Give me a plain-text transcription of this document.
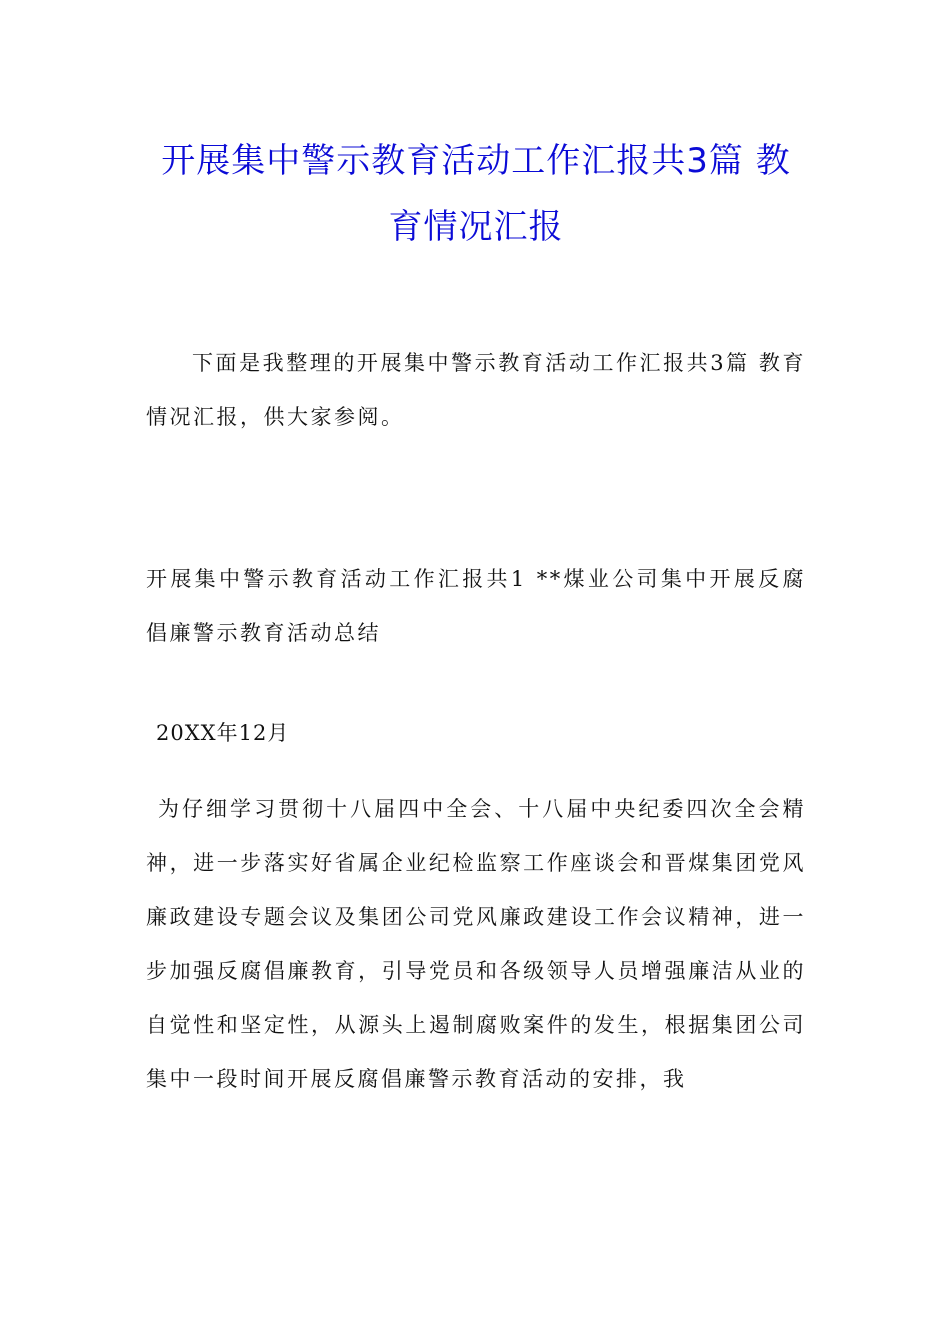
开展集中警示教育活动工作汇报共3篇 教育情况汇报

下面是我整理的开展集中警示教育活动工作汇报共3篇 教育情况汇报，供大家参阅。

开展集中警示教育活动工作汇报共1 **煤业公司集中开展反腐倡廉警示教育活动总结

20XX年12月

为仔细学习贯彻十八届四中全会、十八届中央纪委四次全会精神，进一步落实好省属企业纪检监察工作座谈会和晋煤集团党风廉政建设专题会议及集团公司党风廉政建设工作会议精神，进一步加强反腐倡廉教育，引导党员和各级领导人员增强廉洁从业的自觉性和坚定性，从源头上遏制腐败案件的发生，根据集团公司集中一段时间开展反腐倡廉警示教育活动的安排，我
